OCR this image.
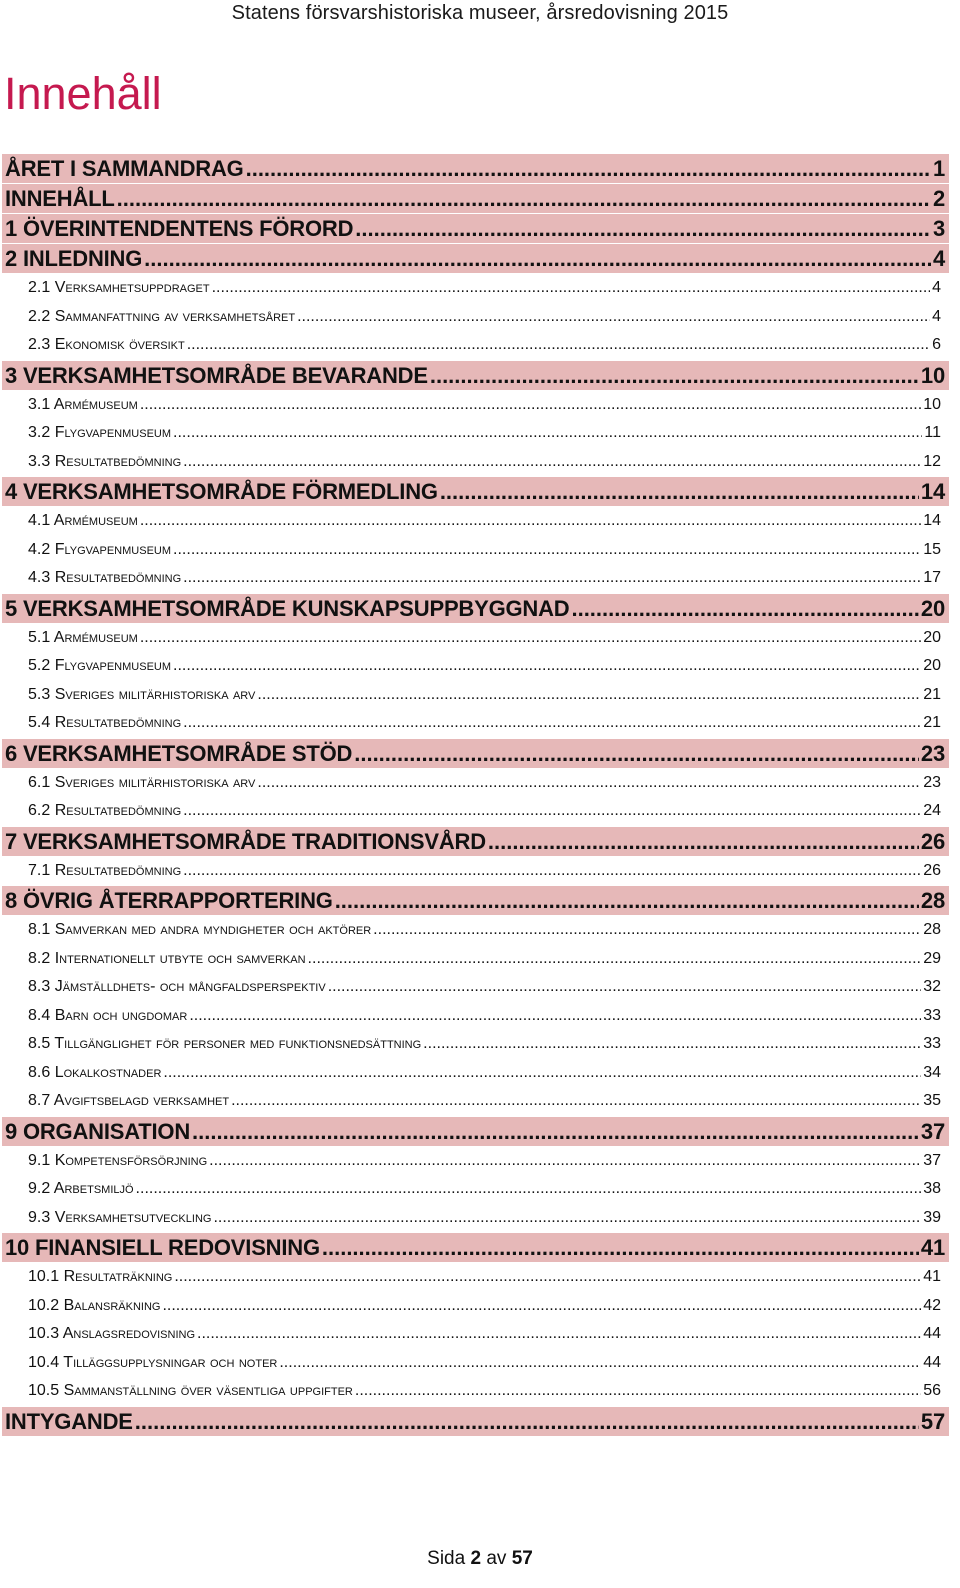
Statens försvarshistoriska museer, årsredovisning 2015
Innehåll
ÅRET I SAMMANDRAG .....	1
INNEHÅLL .....	2
1 ÖVERINTENDENTENS FÖRORD .....	3
2 INLEDNING .....	4
2.1 Verksamhetsuppdraget .....	4
2.2 Sammanfattning av verksamhetsåret .....	4
2.3 Ekonomisk översikt .....	6
3 VERKSAMHETSOMRÅDE BEVARANDE .....	10
3.1 Armémuseum .....	10
3.2 Flygvapenmuseum .....	11
3.3 Resultatbedömning .....	12
4 VERKSAMHETSOMRÅDE FÖRMEDLING .....	14
4.1 Armémuseum .....	14
4.2 Flygvapenmuseum .....	15
4.3 Resultatbedömning .....	17
5 VERKSAMHETSOMRÅDE KUNSKAPSUPPBYGGNAD .....	20
5.1 Armémuseum .....	20
5.2 Flygvapenmuseum .....	20
5.3 Sveriges militärhistoriska arv .....	21
5.4 Resultatbedömning .....	21
6 VERKSAMHETSOMRÅDE STÖD .....	23
6.1 Sveriges militärhistoriska arv .....	23
6.2 Resultatbedömning .....	24
7 VERKSAMHETSOMRÅDE TRADITIONSVÅRD .....	26
7.1 Resultatbedömning .....	26
8 ÖVRIG ÅTERRAPPORTERING .....	28
8.1 Samverkan med andra myndigheter och aktörer .....	28
8.2 Internationellt utbyte och samverkan .....	29
8.3 Jämställdhets- och mångfaldsperspektiv .....	32
8.4 Barn och ungdomar .....	33
8.5 Tillgänglighet för personer med funktionsnedsättning .....	33
8.6 Lokalkostnader .....	34
8.7 Avgiftsbelagd verksamhet .....	35
9 ORGANISATION .....	37
9.1 Kompetensförsörjning .....	37
9.2 Arbetsmiljö .....	38
9.3 Verksamhetsutveckling .....	39
10 FINANSIELL REDOVISNING .....	41
10.1 Resultaträkning .....	41
10.2 Balansräkning .....	42
10.3 Anslagsredovisning .....	44
10.4 Tilläggsupplysningar och noter .....	44
10.5 Sammanställning över väsentliga uppgifter .....	56
INTYGANDE .....	57
Sida 2 av 57
